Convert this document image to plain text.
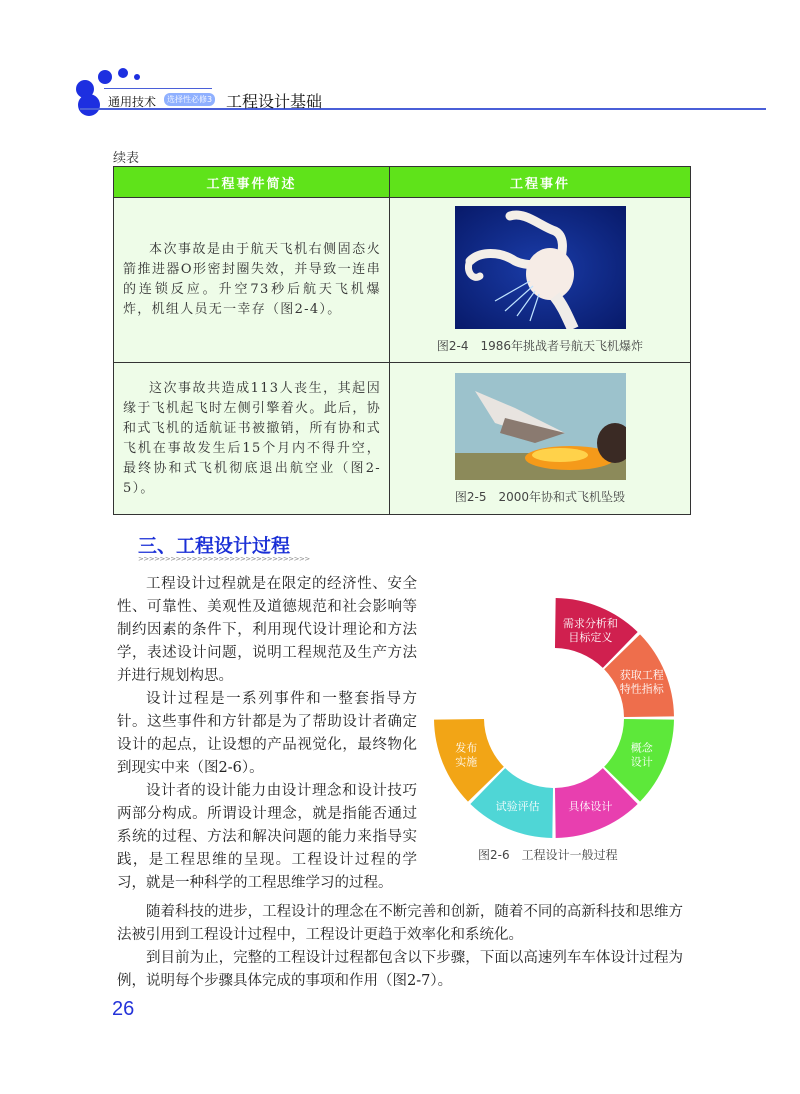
通用技术	选择性必修3 工程设计基础
续表
工程事件简述	工程事件

本次事故是由于航天飞机右侧固态火箭推进器O形密封圈失效，并导致一连串的连锁反应。升空73秒后航天飞机爆炸，机组人员无一幸存（图2-4）。	图2-4　1986年挑战者号航天飞机爆炸

这次事故共造成113人丧生，其起因缘于飞机起飞时左侧引擎着火。此后，协和式飞机的适航证书被撤销，所有协和式飞机在事故发生后15个月内不得升空，最终协和式飞机彻底退出航空业（图2-5）。	图2-5　2000年协和式飞机坠毁
三、工程设计过程
>>>>>>>>>>>>>>>>>>>>>>>>>>>>>>>>

工程设计过程就是在限定的经济性、安全性、可靠性、美观性及道德规范和社会影响等制约因素的条件下，利用现代设计理论和方法学，表述设计问题，说明工程规范及生产方法并进行规划构思。

设计过程是一系列事件和一整套指导方针。这些事件和方针都是为了帮助设计者确定设计的起点，让设想的产品视觉化，最终物化到现实中来（图2-6）。

设计者的设计能力由设计理念和设计技巧两部分构成。所谓设计理念，就是指能否通过系统的过程、方法和解决问题的能力来指导实践，是工程思维的呈现。工程设计过程的学习，就是一种科学的工程思维学习的过程。

需求分析和目标定义
获取工程特性指标
概念设计
具体设计
试验评估
发布实施
图2-6　工程设计一般过程

随着科技的进步，工程设计的理念在不断完善和创新，随着不同的高新科技和思维方法被引用到工程设计过程中，工程设计更趋于效率化和系统化。

到目前为止，完整的工程设计过程都包含以下步骤，下面以高速列车车体设计过程为例，说明每个步骤具体完成的事项和作用（图2-7）。

26
